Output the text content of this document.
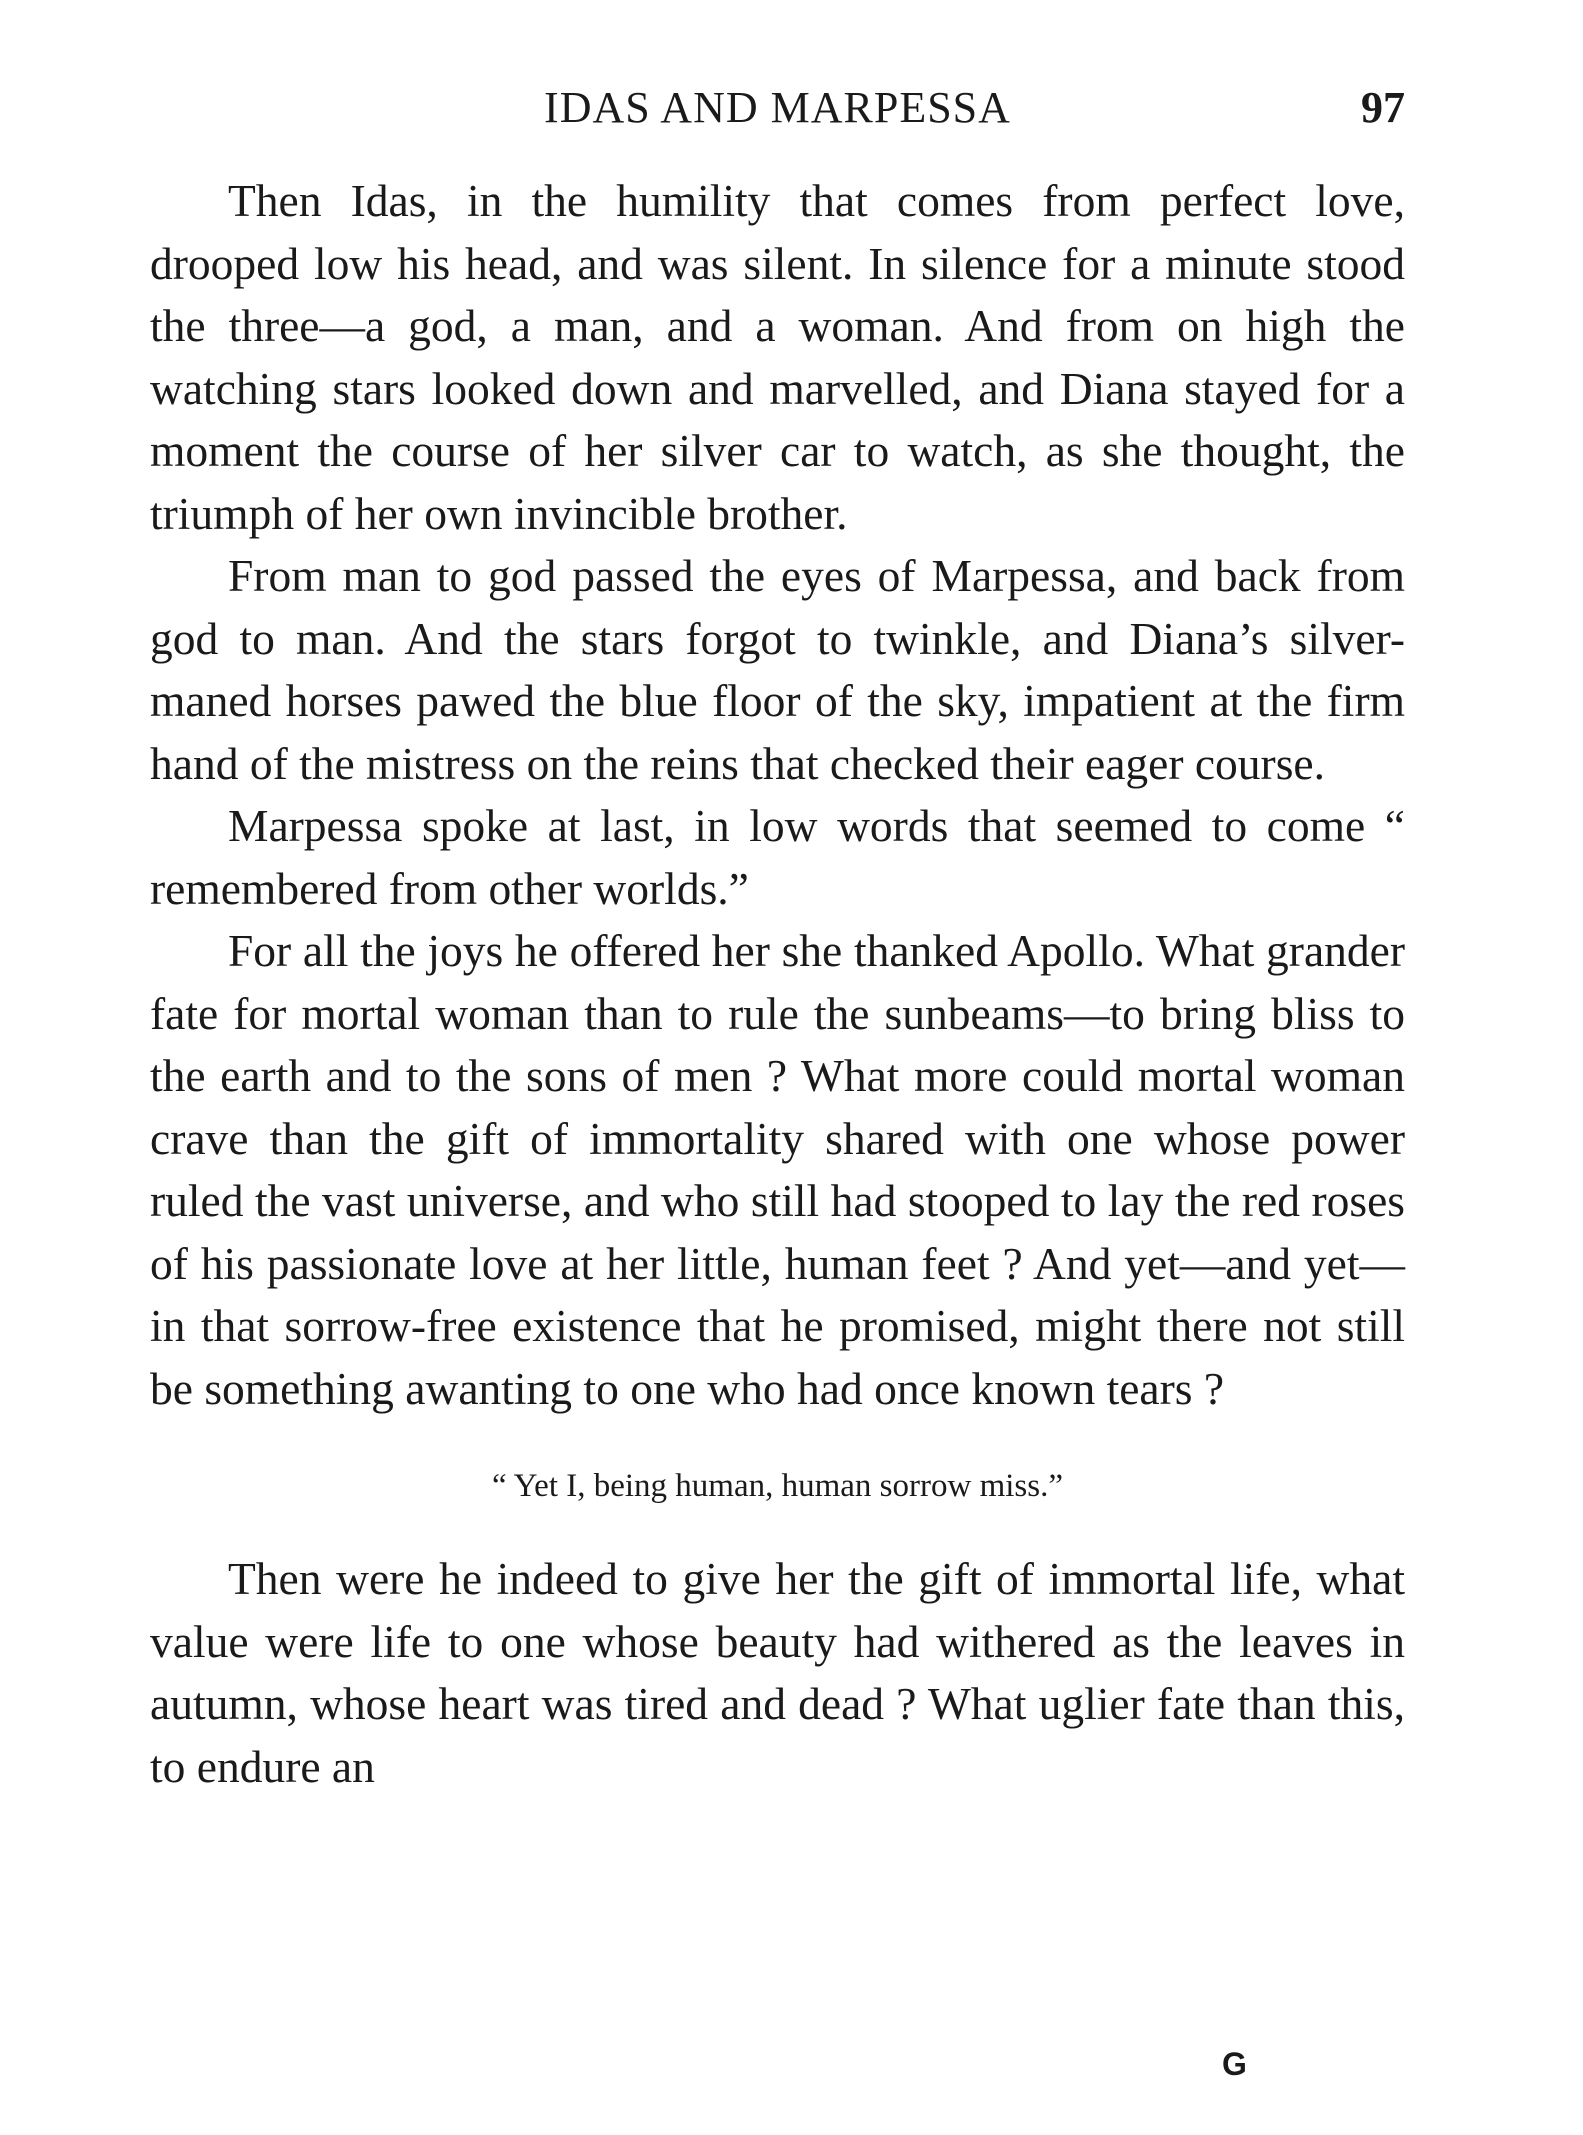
IDAS AND MARPESSA	97

Then Idas, in the humility that comes from perfect love, drooped low his head, and was silent. In silence for a minute stood the three—a god, a man, and a woman. And from on high the watching stars looked down and marvelled, and Diana stayed for a moment the course of her silver car to watch, as she thought, the triumph of her own invincible brother.

From man to god passed the eyes of Marpessa, and back from god to man. And the stars forgot to twinkle, and Diana’s silver-maned horses pawed the blue floor of the sky, impatient at the firm hand of the mistress on the reins that checked their eager course.

Marpessa spoke at last, in low words that seemed to come “ remembered from other worlds.”

For all the joys he offered her she thanked Apollo. What grander fate for mortal woman than to rule the sunbeams—to bring bliss to the earth and to the sons of men ? What more could mortal woman crave than the gift of immortality shared with one whose power ruled the vast universe, and who still had stooped to lay the red roses of his passionate love at her little, human feet ? And yet—and yet—in that sorrow-free existence that he promised, might there not still be something awanting to one who had once known tears ?

“ Yet I, being human, human sorrow miss.”

Then were he indeed to give her the gift of immortal life, what value were life to one whose beauty had withered as the leaves in autumn, whose heart was tired and dead ? What uglier fate than this, to endure an

G
